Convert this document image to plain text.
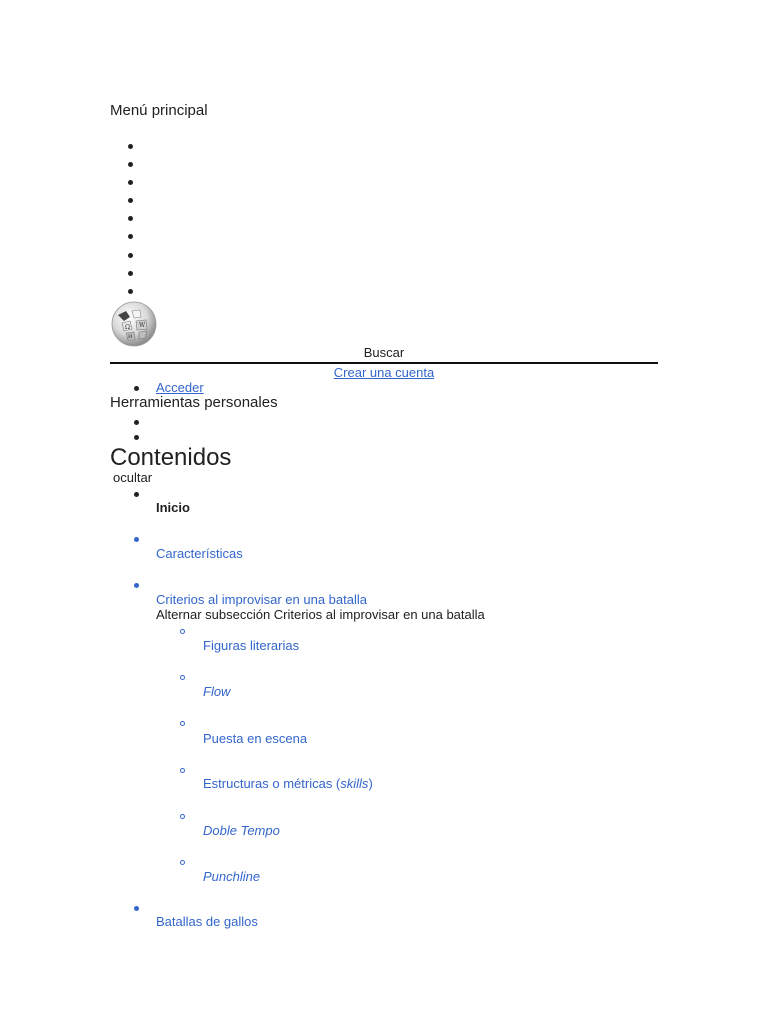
Menú principal
Ω W
И
Buscar
Crear una cuenta
Acceder
Herramientas personales
Contenidos
ocultar
Inicio
Características
Criterios al improvisar en una batalla
Alternar subsección Criterios al improvisar en una batalla
Figuras literarias
Flow
Puesta en escena
Estructuras o métricas (skills)
Doble Tempo
Punchline
Batallas de gallos
